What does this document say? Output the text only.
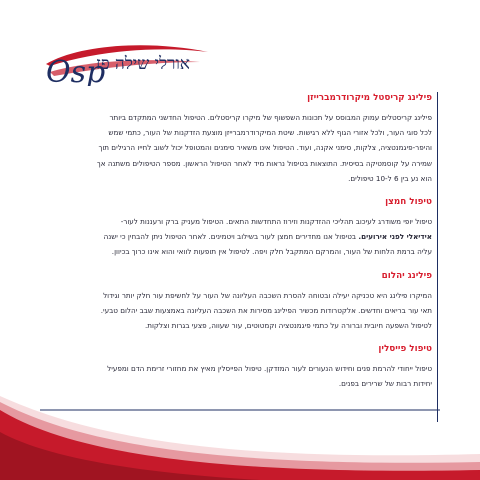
Osp
אורלי שילה פז

פילינג קריסטל מיקרודרמברייזן

פילינג קריסטלים עמוק המבוסס על תכונות השפשוף של מיקרו קריסטלים. הטיפול החדשני המתקדם ביותר
לכל סוגי העור, ולכל אזורי הגוף ללא רגישות. שיטת המיקרודרמברייזן מוצעת הזדקנות של העור, כתמי שמש
והיפר-פיגמנטציה, צלקות, סימני אקנה, ועוד. הטיפול אינו משאיר סימנים והמטופל יכול לשוב לחייו הרגילים תוך
שמירה על קוסמטיקה בסיסית. התוצאות בטיפול נראות מיד לאחר הטיפול הראשון. מספר הטיפולים משתנה אך
הוא נע בין 6 ל-10 טיפולים.

טיפול חמצן

טיפול יופי משודרג לעיכוב תהליכי ההזדקנות וזירוז התחדשות התאים. הטיפול מעניק ברק ורעננות לעור-
אידיאלי לפני אירועים. בטיפול אנו מחדירים חמצן לעור בשילוב ויטמינים. לאחר הטיפול ניתן להבחין כי ישנה
עליה ברמת הלחות של העור, והמרקם המתקבל חלק ויפה. לטיפול אין תופעות לוואי והוא אינו כרוך בכיוון.

פילינג יהלום

המיקרו פילינג היא טכניקה יעילה ובטוחה להסרת השכבה העליונה של העור על לחשיפת עור חלק יותר וגידול
תאי עור בריאים וחדשים. אלקטרודות מכשיר הפילינג מסירות את השכבה העליונה באמצעות שבב יהלום טבעי.
לטיפול השפעה חיובית וברורה על כתמי פיגמנטציה וקמטוטים, עור שעווה, פצעי בגרות וצלקות.

טיפול פייסלין

טיפול ייחודי להרמת פנים וחידוש הנעורים לעור המזדקן. טיפול הפייסלין מאיץ את מחזורי זרימת הדם ומפעיל
יחידות רבות של שרירים בפנים.
